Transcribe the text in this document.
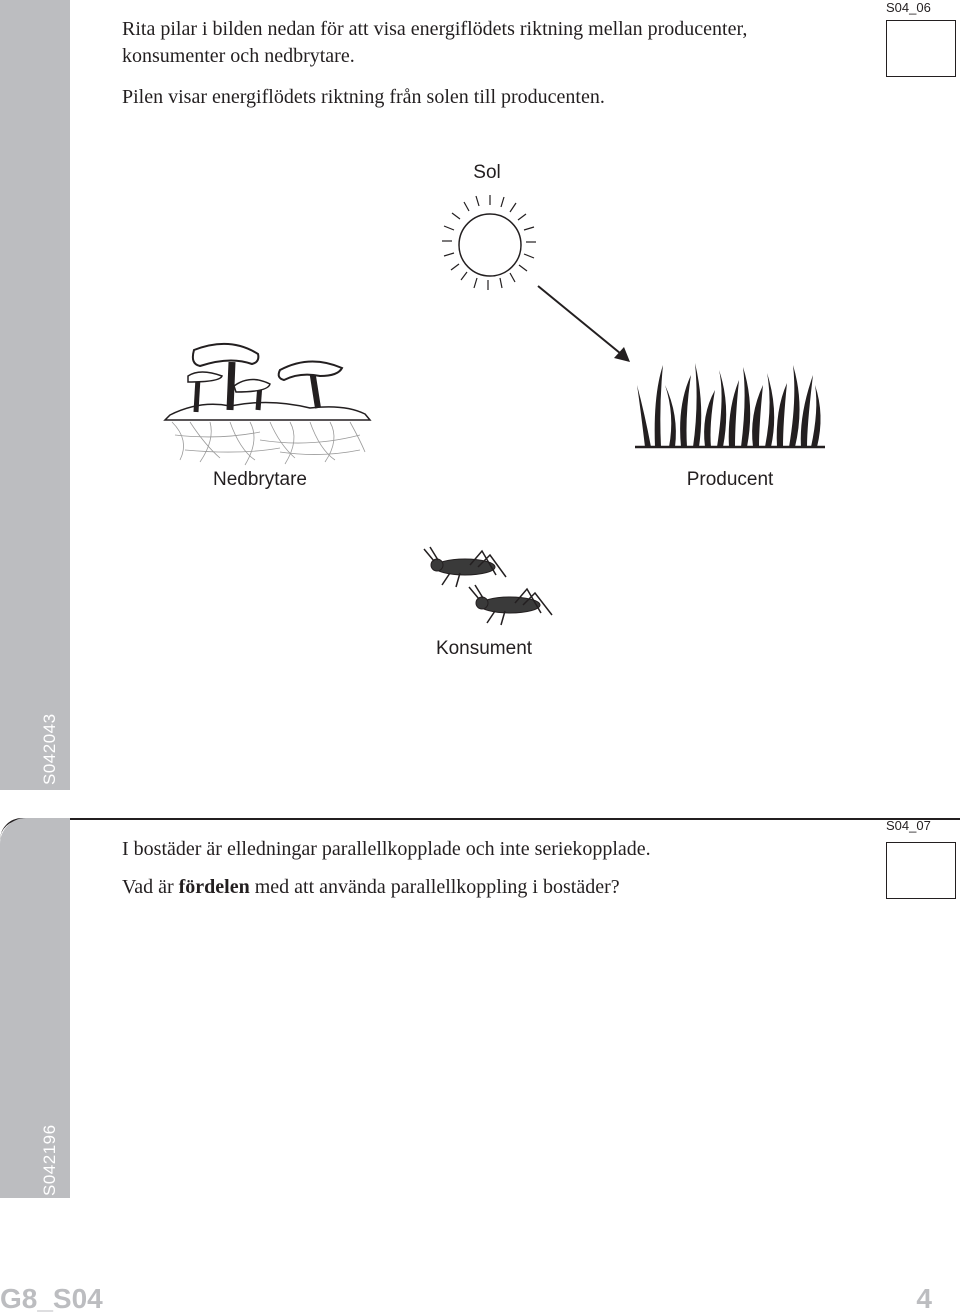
S042043
S04_06
Rita pilar i bilden nedan för att visa energiflödets riktning mellan producenter,
konsumenter och nedbrytare.
Pilen visar energiflödets riktning från solen till producenten.
Sol
Nedbrytare	Producent
Konsument
S042196
S04_07
I bostäder är elledningar parallellkopplade och inte seriekopplade.
Vad är fördelen med att använda parallellkoppling i bostäder?
G8_S04	4
